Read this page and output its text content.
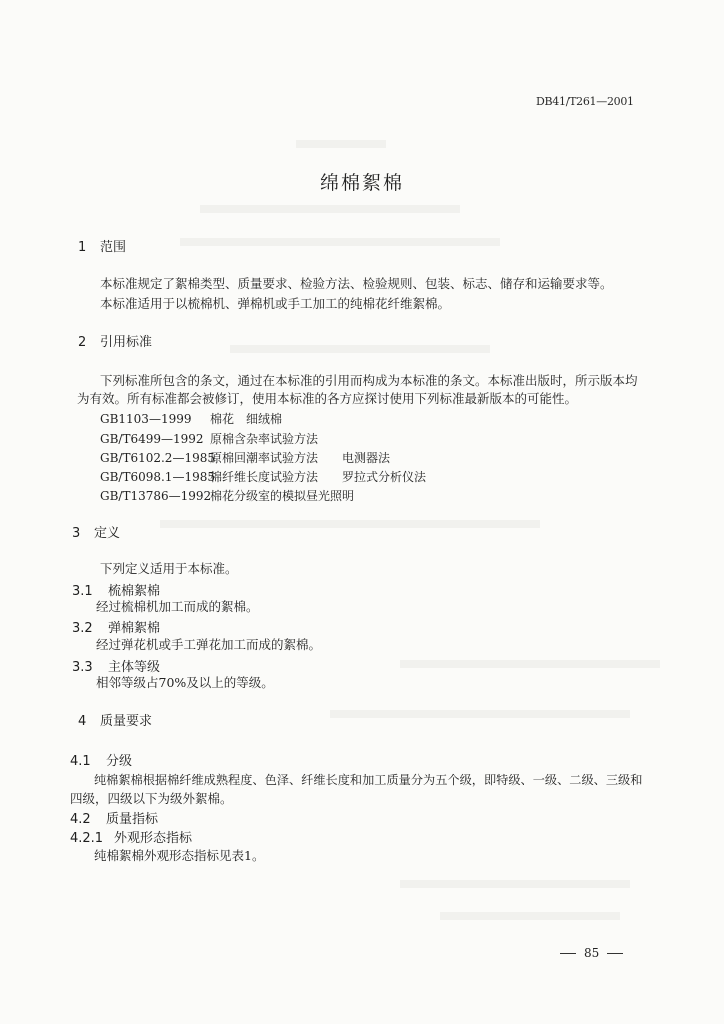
DB41/T261—2001
绵棉絮棉
1 范围
本标准规定了絮棉类型、质量要求、检验方法、检验规则、包装、标志、储存和运输要求等。
本标准适用于以梳棉机、弹棉机或手工加工的纯棉花纤维絮棉。
2 引用标准
下列标准所包含的条文，通过在本标准的引用而构成为本标准的条文。本标准出版时，所示版本均
为有效。所有标准都会被修订，使用本标准的各方应探讨使用下列标准最新版本的可能性。
GB1103—1999 棉花　细绒棉
GB/T6499—1992 原棉含杂率试验方法
GB/T6102.2—1985原棉回潮率试验方法 电测器法
GB/T6098.1—1985棉纤维长度试验方法 罗拉式分析仪法
GB/T13786—1992棉花分级室的模拟昼光照明
3 定义
下列定义适用于本标准。
3.1 梳棉絮棉
经过梳棉机加工而成的絮棉。
3.2 弹棉絮棉
经过弹花机或手工弹花加工而成的絮棉。
3.3 主体等级
相邻等级占70%及以上的等级。
4 质量要求
4.1 分级
纯棉絮棉根据棉纤维成熟程度、色泽、纤维长度和加工质量分为五个级，即特级、一级、二级、三级和
四级，四级以下为级外絮棉。
4.2 质量指标
4.2.1 外观形态指标
纯棉絮棉外观形态指标见表1。
85
